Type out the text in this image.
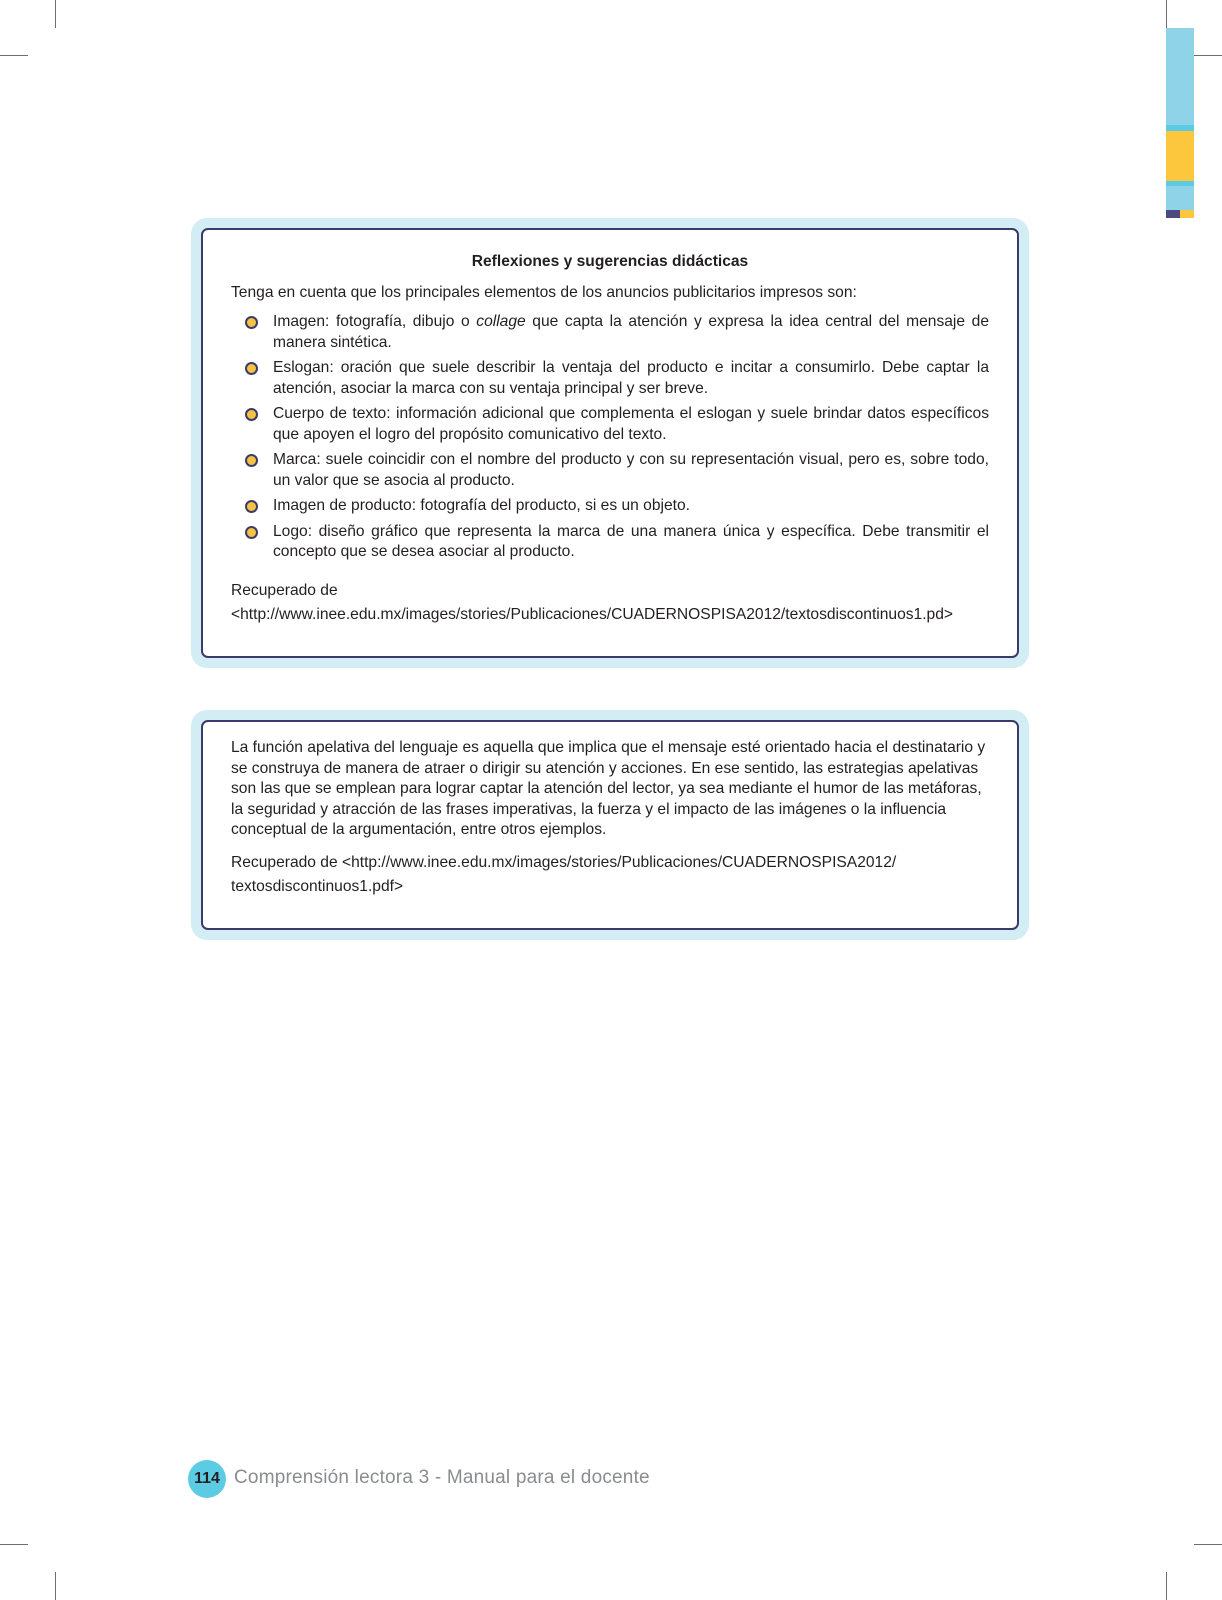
Reflexiones y sugerencias didácticas

Tenga en cuenta que los principales elementos de los anuncios publicitarios impresos son:

Imagen: fotografía, dibujo o collage que capta la atención y expresa la idea central del mensaje de manera sintética.
Eslogan: oración que suele describir la ventaja del producto e incitar a consumirlo. Debe captar la atención, asociar la marca con su ventaja principal y ser breve.
Cuerpo de texto: información adicional que complementa el eslogan y suele brindar datos específicos que apoyen el logro del propósito comunicativo del texto.
Marca: suele coincidir con el nombre del producto y con su representación visual, pero es, sobre todo, un valor que se asocia al producto.
Imagen de producto: fotografía del producto, si es un objeto.
Logo: diseño gráfico que representa la marca de una manera única y específica. Debe transmitir el concepto que se desea asociar al producto.

Recuperado de

<http://www.inee.edu.mx/images/stories/Publicaciones/CUADERNOSPISA2012/textosdiscontinuos1.pd>

La función apelativa del lenguaje es aquella que implica que el mensaje esté orientado hacia el destinatario y se construya de manera de atraer o dirigir su atención y acciones. En ese sentido, las estrategias apelativas son las que se emplean para lograr captar la atención del lector, ya sea mediante el humor de las metáforas, la seguridad y atracción de las frases imperativas, la fuerza y el impacto de las imágenes o la influencia conceptual de la argumentación, entre otros ejemplos.

Recuperado de <http://www.inee.edu.mx/images/stories/Publicaciones/CUADERNOSPISA2012/

textosdiscontinuos1.pdf>

114 Comprensión lectora 3 - Manual para el docente
